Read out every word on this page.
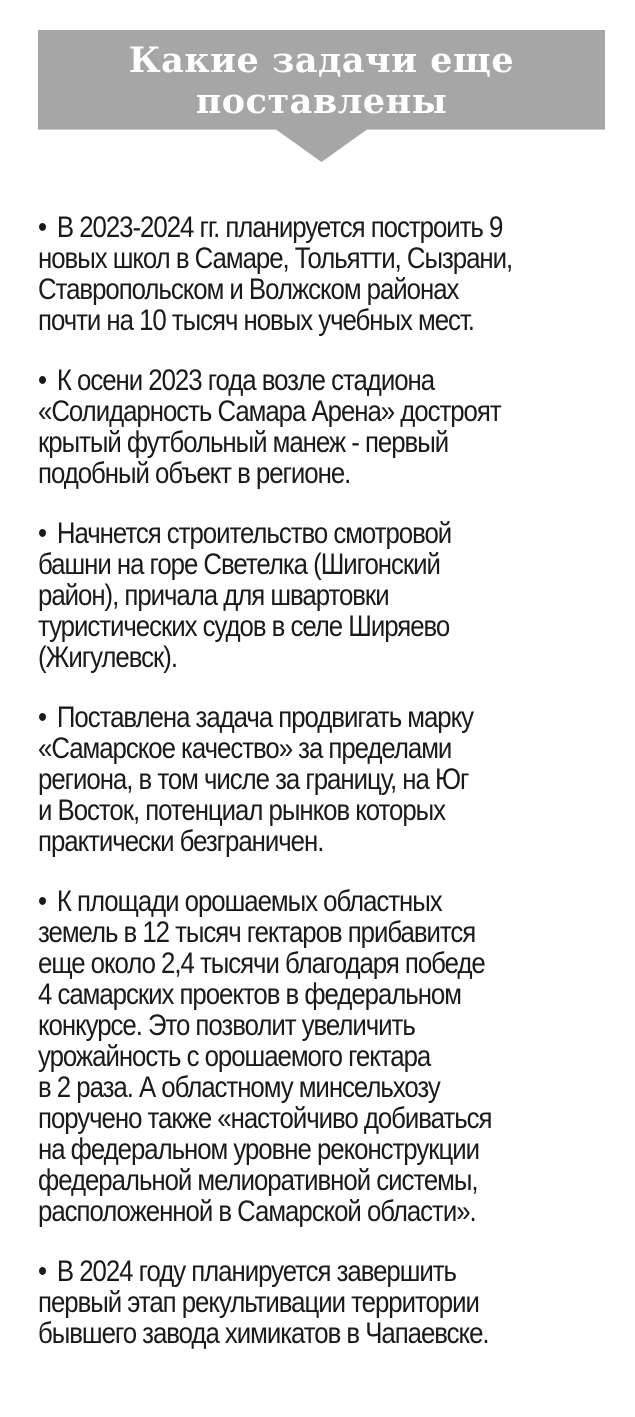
Какие задачи еще
поставлены
• В 2023-2024 гг. планируется построить 9
новых школ в Самаре, Тольятти, Сызрани,
Ставропольском и Волжском районах
почти на 10 тысяч новых учебных мест.
• К осени 2023 года возле стадиона
«Солидарность Самара Арена» достроят
крытый футбольный манеж - первый
подобный объект в регионе.
• Начнется строительство смотровой
башни на горе Светелка (Шигонский
район), причала для швартовки
туристических судов в селе Ширяево
(Жигулевск).
• Поставлена задача продвигать марку
«Самарское качество» за пределами
региона, в том числе за границу, на Юг
и Восток, потенциал рынков которых
практически безграничен.
• К площади орошаемых областных
земель в 12 тысяч гектаров прибавится
еще около 2,4 тысячи благодаря победе
4 самарских проектов в федеральном
конкурсе. Это позволит увеличить
урожайность с орошаемого гектара
в 2 раза. А областному минсельхозу
поручено также «настойчиво добиваться
на федеральном уровне реконструкции
федеральной мелиоративной системы,
расположенной в Самарской области».
• В 2024 году планируется завершить
первый этап рекультивации территории
бывшего завода химикатов в Чапаевске.
